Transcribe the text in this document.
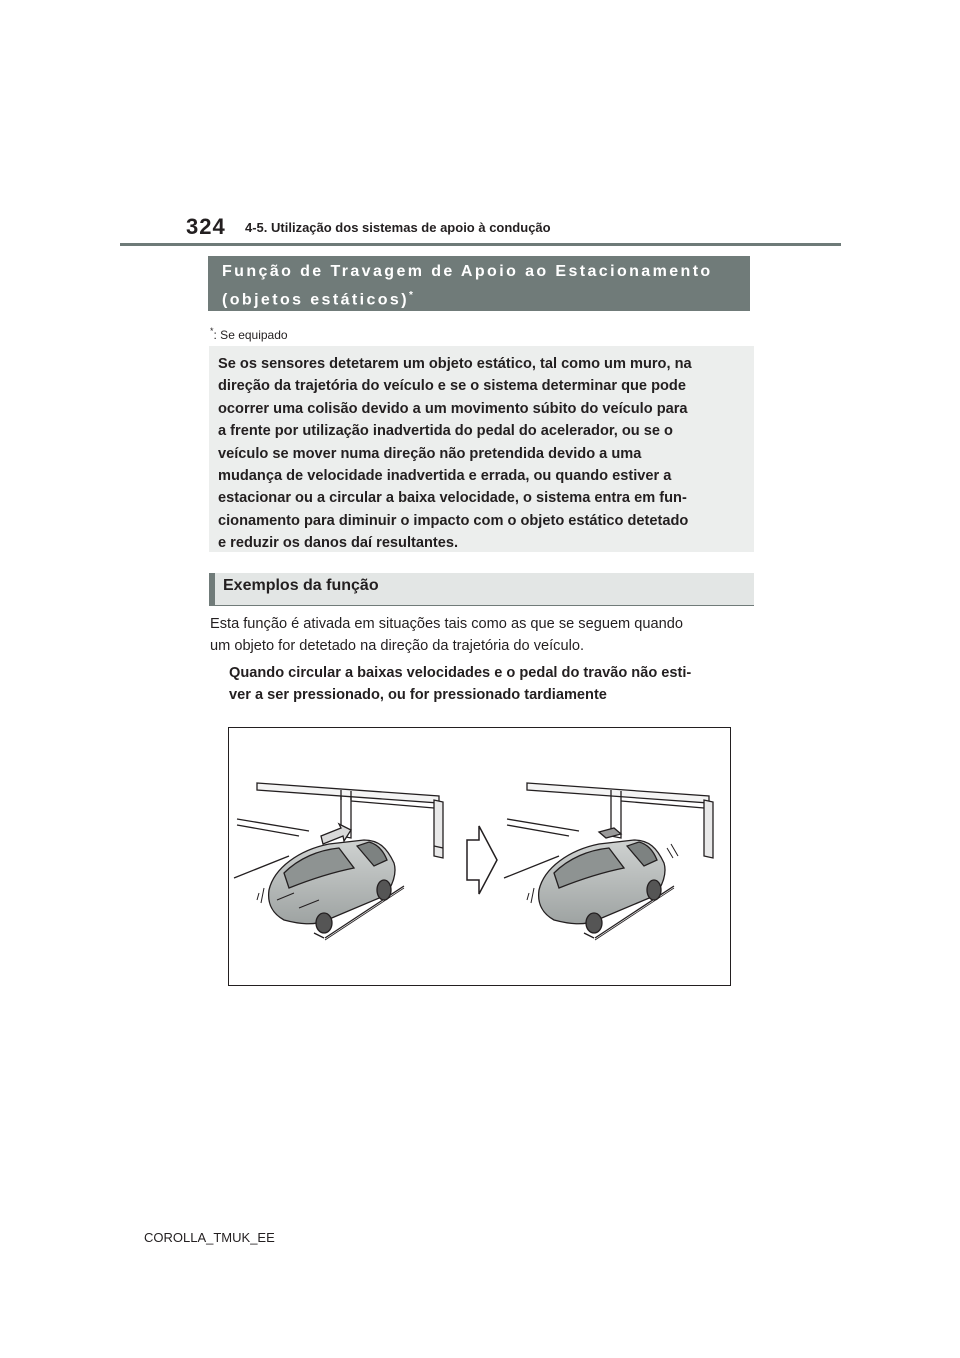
324 4-5. Utilização dos sistemas de apoio à condução
Função de Travagem de Apoio ao Estacionamento
(objetos estáticos)*
*: Se equipado
Se os sensores detetarem um objeto estático, tal como um muro, na
direção da trajetória do veículo e se o sistema determinar que pode
ocorrer uma colisão devido a um movimento súbito do veículo para
a frente por utilização inadvertida do pedal do acelerador, ou se o
veículo se mover numa direção não pretendida devido a uma
mudança de velocidade inadvertida e errada, ou quando estiver a
estacionar ou a circular a baixa velocidade, o sistema entra em fun-
cionamento para diminuir o impacto com o objeto estático detetado
e reduzir os danos daí resultantes.
Exemplos da função
Esta função é ativada em situações tais como as que se seguem quando
um objeto for detetado na direção da trajetória do veículo.
Quando circular a baixas velocidades e o pedal do travão não esti-
ver a ser pressionado, ou for pressionado tardiamente
COROLLA_TMUK_EE
